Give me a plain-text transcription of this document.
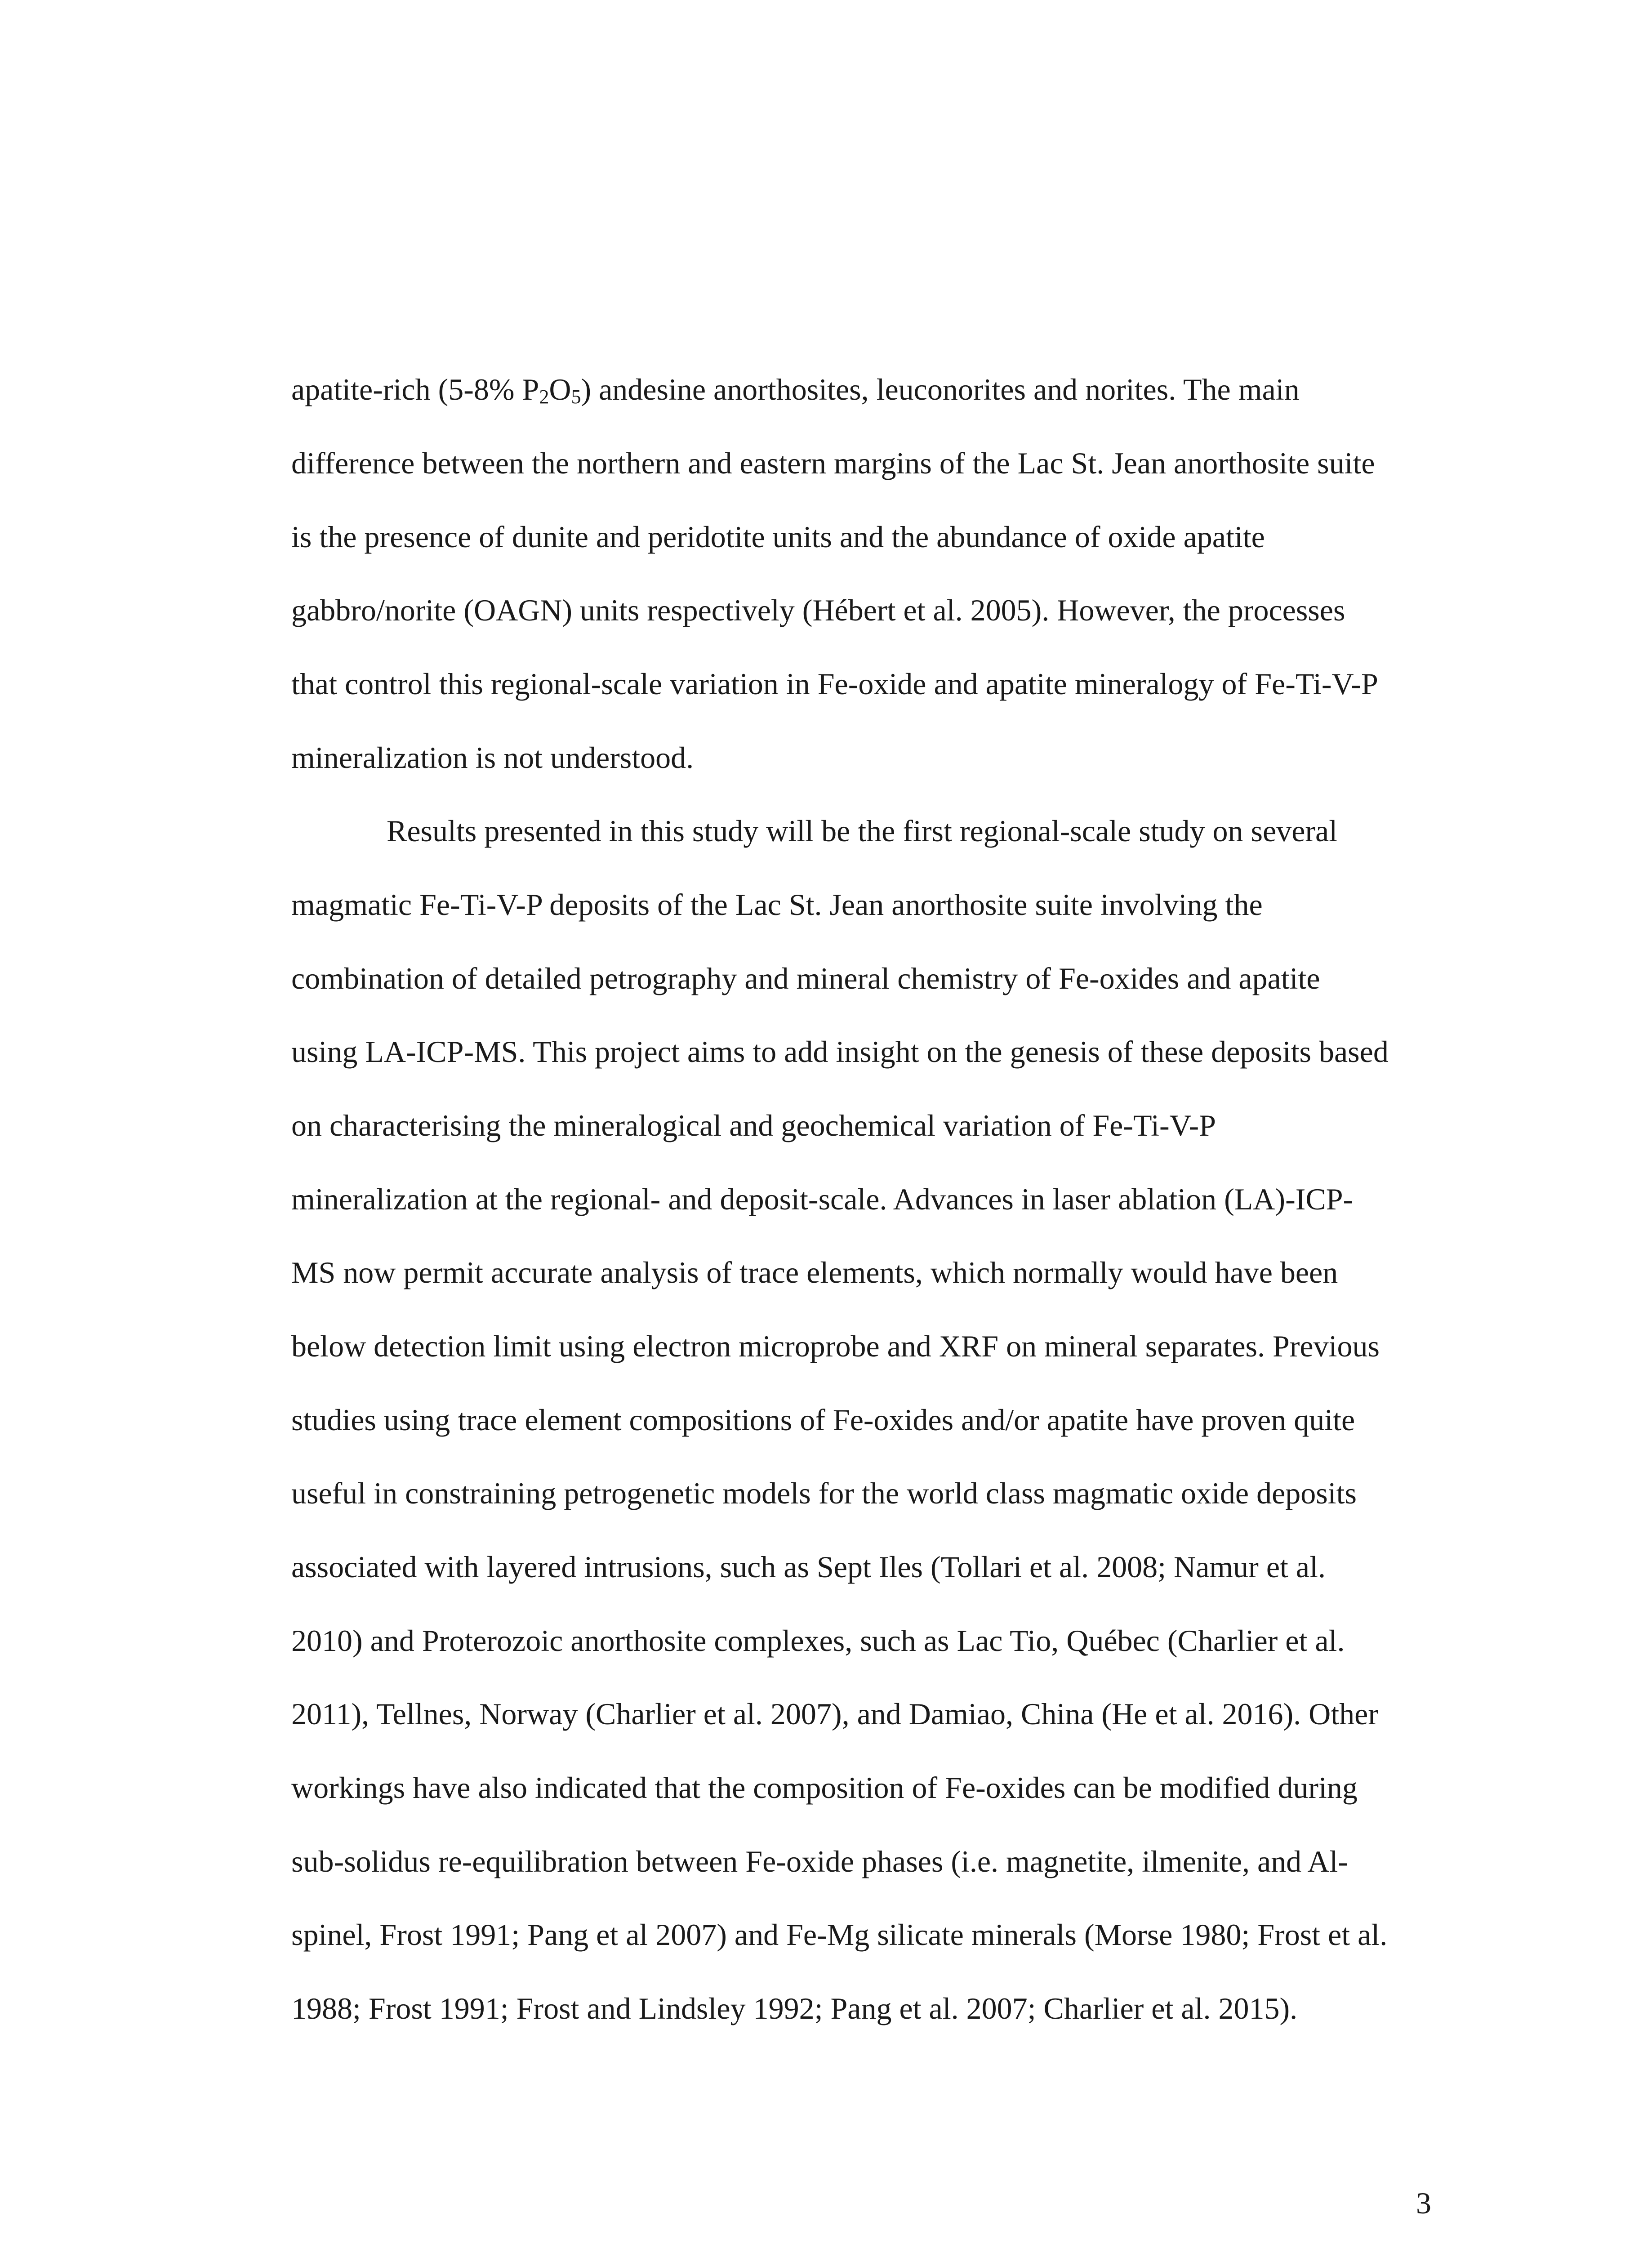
apatite-rich (5-8% $P_2O_5$) andesine anorthosites, leuconorites and norites. The main
difference between the northern and eastern margins of the Lac St. Jean anorthosite suite
is the presence of dunite and peridotite units and the abundance of oxide apatite
gabbro/norite (OAGN) units respectively (Hébert et al. 2005). However, the processes
that control this regional-scale variation in Fe-oxide and apatite mineralogy of Fe-Ti-V-P
mineralization is not understood.
Results presented in this study will be the first regional-scale study on several
magmatic Fe-Ti-V-P deposits of the Lac St. Jean anorthosite suite involving the
combination of detailed petrography and mineral chemistry of Fe-oxides and apatite
using LA-ICP-MS. This project aims to add insight on the genesis of these deposits based
on characterising the mineralogical and geochemical variation of Fe-Ti-V-P
mineralization at the regional- and deposit-scale. Advances in laser ablation (LA)-ICP-
MS now permit accurate analysis of trace elements, which normally would have been
below detection limit using electron microprobe and XRF on mineral separates. Previous
studies using trace element compositions of Fe-oxides and/or apatite have proven quite
useful in constraining petrogenetic models for the world class magmatic oxide deposits
associated with layered intrusions, such as Sept Iles (Tollari et al. 2008; Namur et al.
2010) and Proterozoic anorthosite complexes, such as Lac Tio, Québec (Charlier et al.
2011), Tellnes, Norway (Charlier et al. 2007), and Damiao, China (He et al. 2016). Other
workings have also indicated that the composition of Fe-oxides can be modified during
sub-solidus re-equilibration between Fe-oxide phases (i.e. magnetite, ilmenite, and Al-
spinel, Frost 1991; Pang et al 2007) and Fe-Mg silicate minerals (Morse 1980; Frost et al.
1988; Frost 1991; Frost and Lindsley 1992; Pang et al. 2007; Charlier et al. 2015).
3
